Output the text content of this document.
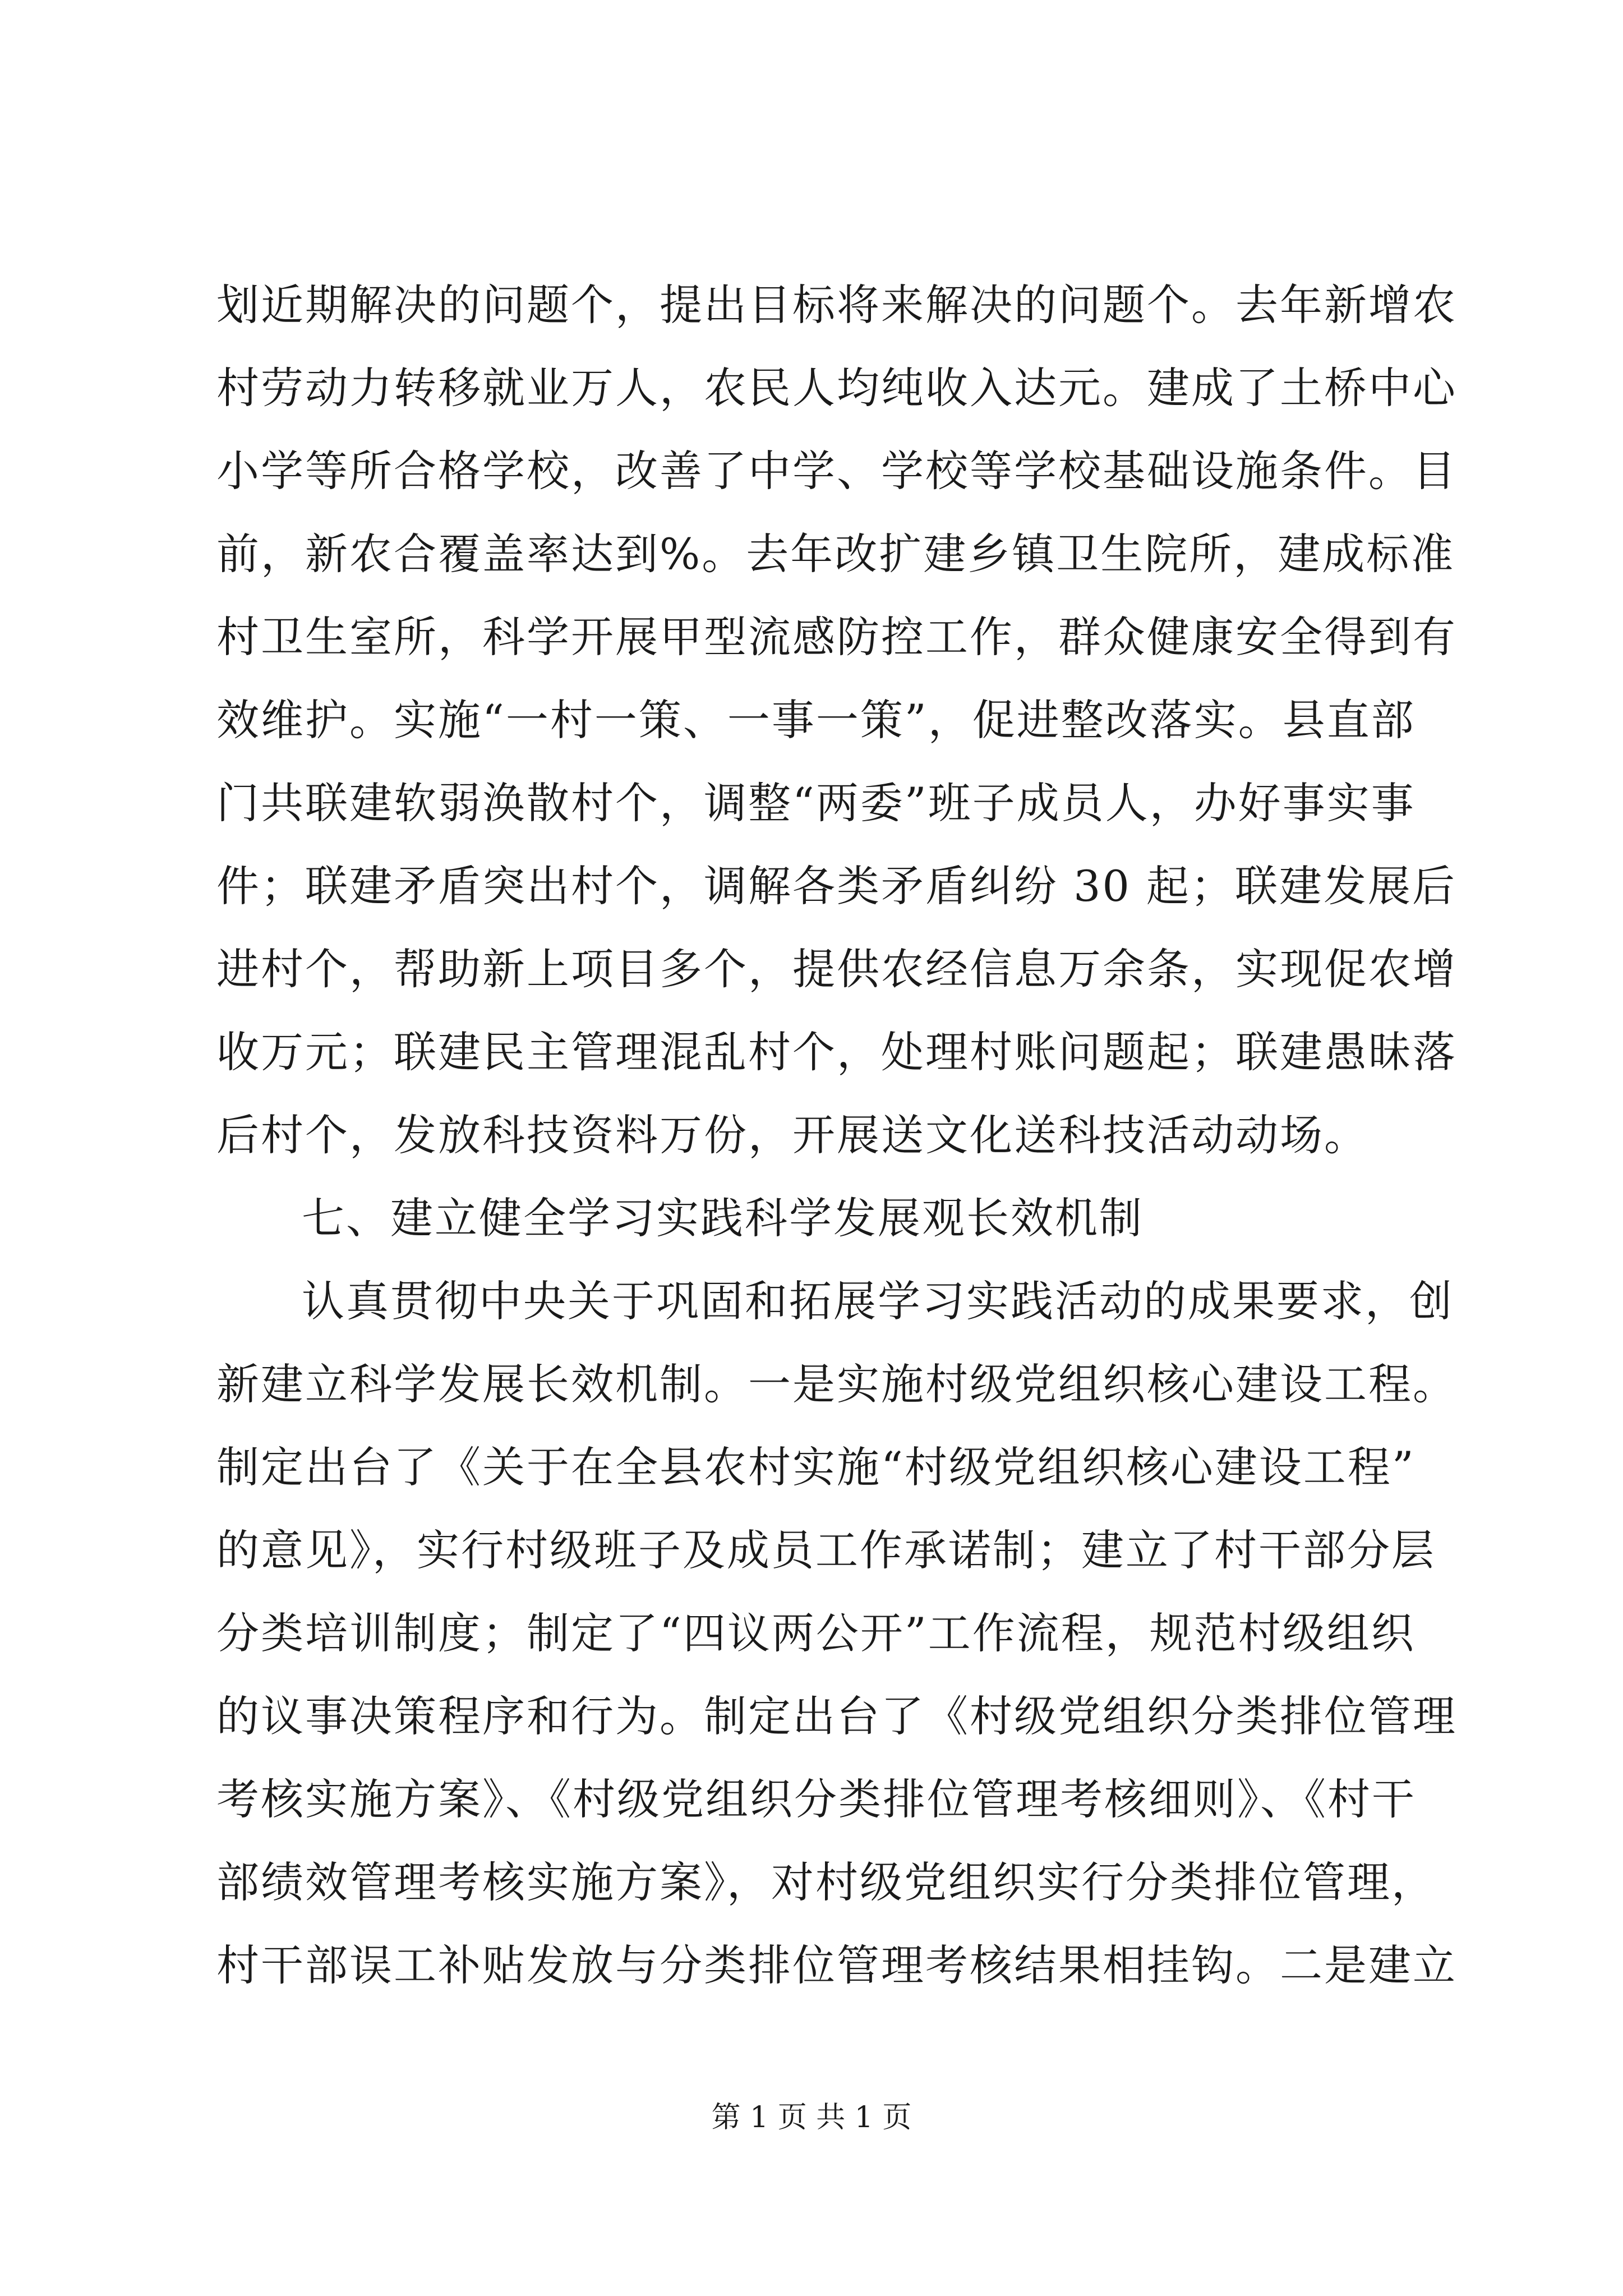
划近期解决的问题个，提出目标将来解决的问题个。去年新增农
村劳动力转移就业万人，农民人均纯收入达元。建成了土桥中心
小学等所合格学校，改善了中学、学校等学校基础设施条件。目
前，新农合覆盖率达到%。去年改扩建乡镇卫生院所，建成标准
村卫生室所，科学开展甲型流感防控工作，群众健康安全得到有
效维护。实施“一村一策、一事一策”，促进整改落实。县直部
门共联建软弱涣散村个，调整“两委”班子成员人，办好事实事
件；联建矛盾突出村个，调解各类矛盾纠纷 30 起；联建发展后
进村个，帮助新上项目多个，提供农经信息万余条，实现促农增
收万元；联建民主管理混乱村个，处理村账问题起；联建愚昧落
后村个，发放科技资料万份，开展送文化送科技活动动场。
七、建立健全学习实践科学发展观长效机制
认真贯彻中央关于巩固和拓展学习实践活动的成果要求，创
新建立科学发展长效机制。一是实施村级党组织核心建设工程。
制定出台了《关于在全县农村实施“村级党组织核心建设工程”
的意见》，实行村级班子及成员工作承诺制；建立了村干部分层
分类培训制度；制定了“四议两公开”工作流程，规范村级组织
的议事决策程序和行为。制定出台了《村级党组织分类排位管理
考核实施方案》、《村级党组织分类排位管理考核细则》、《村干
部绩效管理考核实施方案》，对村级党组织实行分类排位管理，
村干部误工补贴发放与分类排位管理考核结果相挂钩。二是建立
第 1 页 共 1 页
